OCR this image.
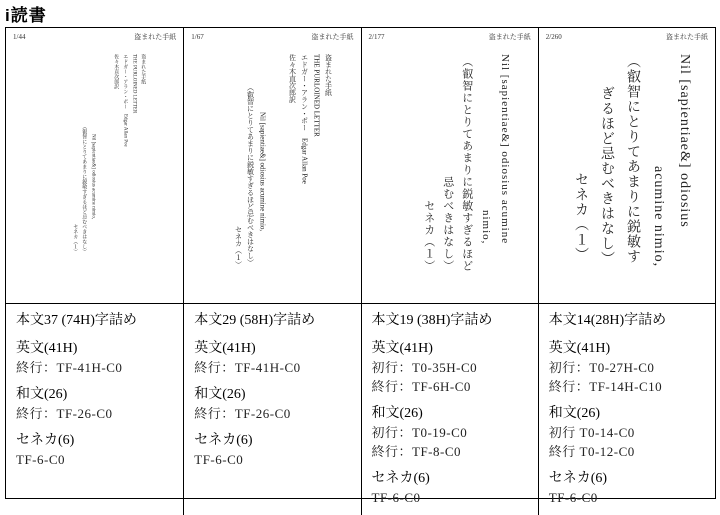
i読書
1/44	盗まれた手紙
盗まれた手紙
THE PURLOINED LETTER
エドガー・アラン・ポー　Edgar Allan Poe
佐々木直次郎訳
Nil [sapientiae&] odiosius acumine nimio,
（叡智にとりてあまりに鋭敏すぎるほど忌むべきはなし）
セネカ（１）
本文37 (74H)字詰め
英文(41H)
終行：TF-41H-C0
和文(26)
終行：TF-26-C0
セネカ(6)
TF-6-C0
1/67	盗まれた手紙
盗まれた手紙
THE PURLOINED LETTER
エドガー・アラン・ポー　Edgar Allan Poe
佐々木直次郎訳
Nil [sapientiae&] odiosius acumine nimio,
（叡智にとりてあまりに鋭敏すぎるほど忌むべきはなし）
セネカ（１）
本文29 (58H)字詰め
英文(41H)
終行：TF-41H-C0
和文(26)
終行：TF-26-C0
セネカ(6)
TF-6-C0
2/177	盗まれた手紙
Nil [sapientiae&] odiosius acumine
nimio,
（叡智にとりてあまりに鋭敏すぎるほど
忌むべきはなし）
セネカ（１）
本文19 (38H)字詰め
英文(41H)
初行：T0-35H-C0
終行：TF-6H-C0
和文(26)
初行：T0-19-C0
終行：TF-8-C0
セネカ(6)
TF-6-C0
2/260	盗まれた手紙
Nil [sapientiae&] odiosius
acumine nimio,
（叡智にとりてあまりに鋭敏す
ぎるほど忌むべきはなし）
セネカ（１）
本文14(28H)字詰め
英文(41H)
初行：T0-27H-C0
終行：TF-14H-C10
和文(26)
初行 T0-14-C0
終行 T0-12-C0
セネカ(6)
TF-6-C0
